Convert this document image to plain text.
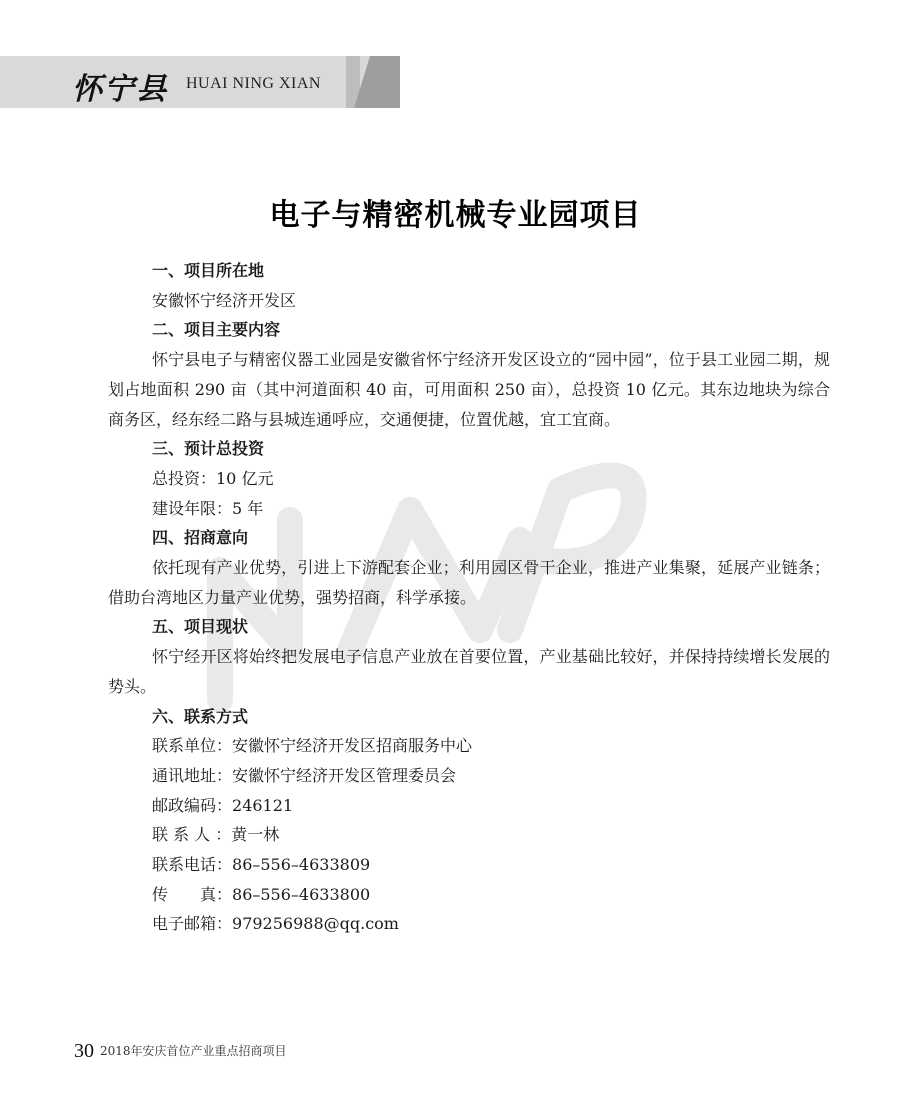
怀宁县 HUAI NING XIAN
电子与精密机械专业园项目

一、项目所在地

安徽怀宁经济开发区

二、项目主要内容

怀宁县电子与精密仪器工业园是安徽省怀宁经济开发区设立的“园中园”，位于县工业园二期，规划占地面积 290 亩（其中河道面积 40 亩，可用面积 250 亩），总投资 10 亿元。其东边地块为综合商务区，经东经二路与县城连通呼应，交通便捷，位置优越，宜工宜商。

三、预计总投资

总投资：10 亿元

建设年限：5 年

四、招商意向

依托现有产业优势，引进上下游配套企业；利用园区骨干企业，推进产业集聚，延展产业链条；借助台湾地区力量产业优势，强势招商，科学承接。

五、项目现状

怀宁经开区将始终把发展电子信息产业放在首要位置，产业基础比较好，并保持持续增长发展的势头。

六、联系方式

联系单位：安徽怀宁经济开发区招商服务中心

通讯地址：安徽怀宁经济开发区管理委员会

邮政编码：246121

联 系 人 ：黄一林

联系电话：86–556–4633809

传　　真：86–556–4633800

电子邮箱：979256988@qq.com

30 2018年安庆首位产业重点招商项目
